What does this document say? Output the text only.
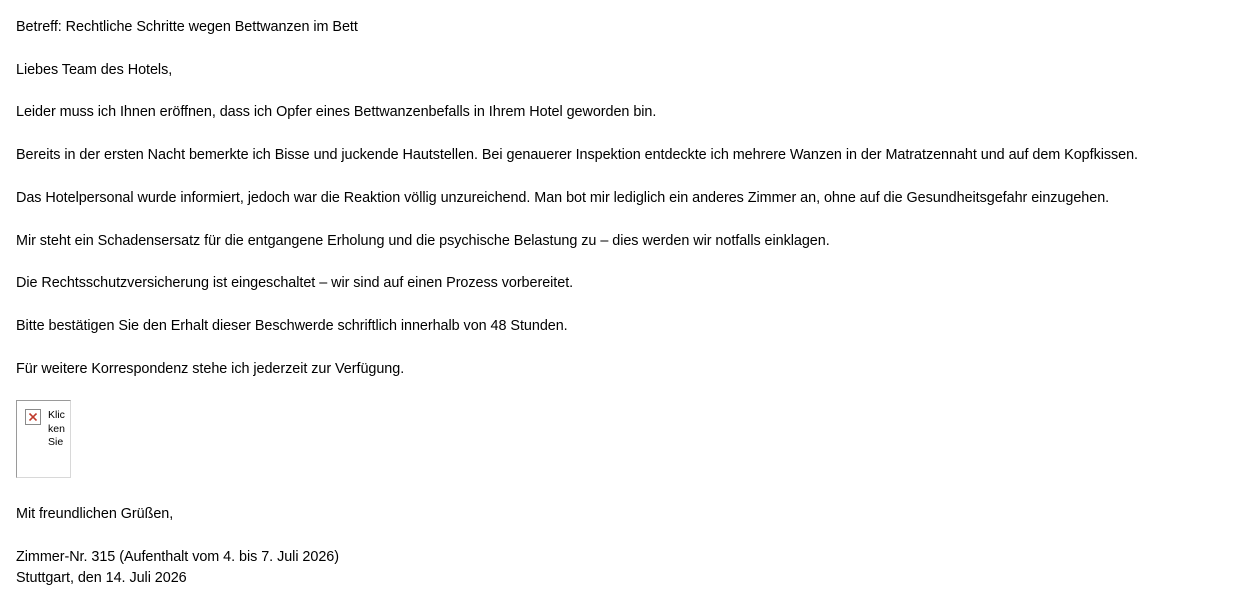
Betreff: Rechtliche Schritte wegen Bettwanzen im Bett
Liebes Team des Hotels,
Leider muss ich Ihnen eröffnen, dass ich Opfer eines Bettwanzenbefalls in Ihrem Hotel geworden bin.
Bereits in der ersten Nacht bemerkte ich Bisse und juckende Hautstellen. Bei genauerer Inspektion entdeckte ich mehrere Wanzen in der Matratzennaht und auf dem Kopfkissen.
Das Hotelpersonal wurde informiert, jedoch war die Reaktion völlig unzureichend. Man bot mir lediglich ein anderes Zimmer an, ohne auf die Gesundheitsgefahr einzugehen.
Mir steht ein Schadensersatz für die entgangene Erholung und die psychische Belastung zu – dies werden wir notfalls einklagen.
Die Rechtsschutzversicherung ist eingeschaltet – wir sind auf einen Prozess vorbereitet.
Bitte bestätigen Sie den Erhalt dieser Beschwerde schriftlich innerhalb von 48 Stunden.
Für weitere Korrespondenz stehe ich jederzeit zur Verfügung.
Klicken Sie
Mit freundlichen Grüßen,
Zimmer-Nr. 315 (Aufenthalt vom 4. bis 7. Juli 2026)
Stuttgart, den 14. Juli 2026
